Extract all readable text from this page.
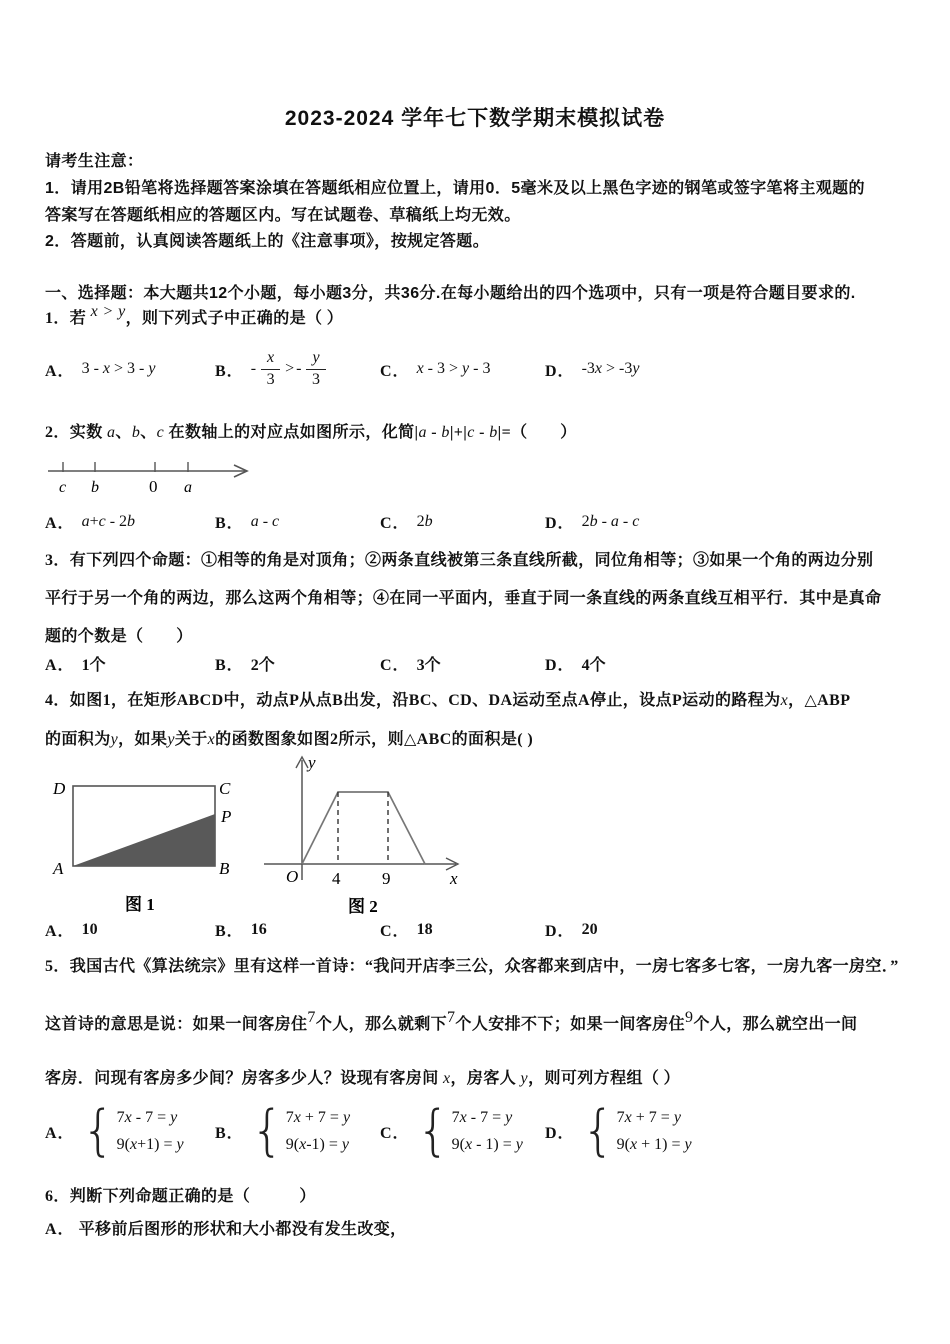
2023-2024 学年七下数学期末模拟试卷
请考生注意：
1．请用2B铅笔将选择题答案涂填在答题纸相应位置上，请用0．5毫米及以上黑色字迹的钢笔或签字笔将主观题的
答案写在答题纸相应的答题区内。写在试题卷、草稿纸上均无效。
2．答题前，认真阅读答题纸上的《注意事项》，按规定答题。
一、选择题：本大题共12个小题，每小题3分，共36分.在每小题给出的四个选项中，只有一项是符合题目要求的.
1．若 x > y，则下列式子中正确的是（ ）
A． 3 - x > 3 - y	B． - $\frac{x}{3}$ > - $\frac{y}{3}$	C． x - 3 > y - 3	D． -3x > -3y
2．实数 a、b、c 在数轴上的对应点如图所示，化简|a - b|+|c - b|=（　　）
c b	0 a
A． a+c - 2b	B． a - c	C． 2b	D． 2b - a - c
3．有下列四个命题：①相等的角是对顶角；②两条直线被第三条直线所截，同位角相等；③如果一个角的两边分别
平行于另一个角的两边，那么这两个角相等；④在同一平面内，垂直于同一条直线的两条直线互相平行．其中是真命
题的个数是（　　）
A． 1个	B． 2个	C． 3个	D． 4个
4．如图1，在矩形ABCD中，动点P从点B出发，沿BC、CD、DA运动至点A停止，设点P运动的路程为x，△ABP
的面积为y，如果y关于x的函数图象如图2所示，则△ABC的面积是( )
D	C
P
A	B
图 1
O 4 9	x
y
图 2
A． 10	B． 16	C． 18	D． 20
5．我国古代《算法统宗》里有这样一首诗：“我问开店李三公，众客都来到店中，一房七客多七客，一房九客一房空．”
这首诗的意思是说：如果一间客房住7个人，那么就剩下7个人安排不下；如果一间客房住9个人，那么就空出一间
客房．问现有客房多少间？房客多少人？设现有客房间 x，房客人 y，则可列方程组（ ）
A． { 7x - 7 = y
9(x+1) = y
B． { 7x + 7 = y
9(x-1) = y
C． { 7x - 7 = y
9(x - 1) = y
D． { 7x + 7 = y
9(x + 1) = y
6．判断下列命题正确的是（　　　）
A． 平移前后图形的形状和大小都没有发生改变，
